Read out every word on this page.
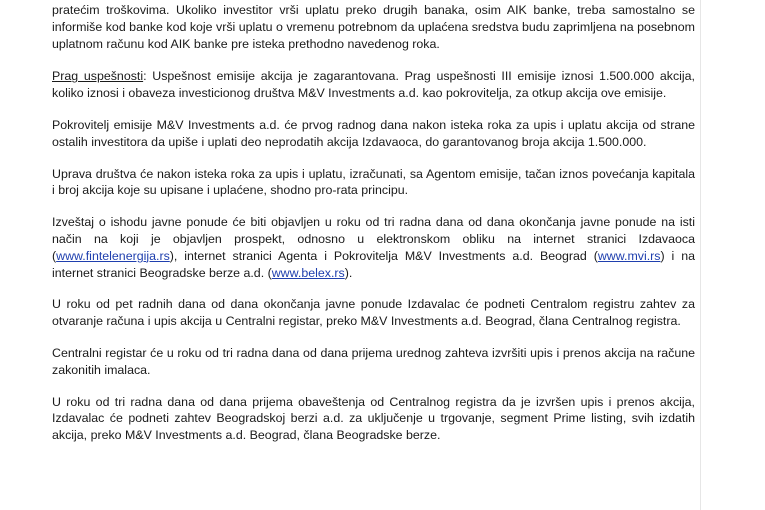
pratećim troškovima. Ukoliko investitor vrši uplatu preko drugih banaka, osim AIK banke, treba samostalno se informiše kod banke kod koje vrši uplatu o vremenu potrebnom da uplaćena sredstva budu zaprimljena na posebnom uplatnom računu kod AIK banke pre isteka prethodno navedenog roka.

Prag uspešnosti: Uspešnost emisije akcija je zagarantovana. Prag uspešnosti III emisije iznosi 1.500.000 akcija, koliko iznosi i obaveza investicionog društva M&V Investments a.d. kao pokrovitelja, za otkup akcija ove emisije.

Pokrovitelj emisije M&V Investments a.d. će prvog radnog dana nakon isteka roka za upis i uplatu akcija od strane ostalih investitora da upiše i uplati deo neprodatih akcija Izdavaoca, do garantovanog broja akcija 1.500.000.

Uprava društva će nakon isteka roka za upis i uplatu, izračunati, sa Agentom emisije, tačan iznos povećanja kapitala i broj akcija koje su upisane i uplaćene, shodno pro-rata principu.

Izveštaj o ishodu javne ponude će biti objavljen u roku od tri radna dana od dana okončanja javne ponude na isti način na koji je objavljen prospekt, odnosno u elektronskom obliku na internet stranici Izdavaoca (www.fintelenergija.rs), internet stranici Agenta i Pokrovitelja M&V Investments a.d. Beograd (www.mvi.rs) i na internet stranici Beogradske berze a.d. (www.belex.rs).

U roku od pet radnih dana od dana okončanja javne ponude Izdavalac će podneti Centralom registru zahtev za otvaranje računa i upis akcija u Centralni registar, preko M&V Investments a.d. Beograd, člana Centralnog registra.

Centralni registar će u roku od tri radna dana od dana prijema urednog zahteva izvršiti upis i prenos akcija na račune zakonitih imalaca.

U roku od tri radna dana od dana prijema obaveštenja od Centralnog registra da je izvršen upis i prenos akcija, Izdavalac će podneti zahtev Beogradskoj berzi a.d. za uključenje u trgovanje, segment Prime listing, svih izdatih akcija, preko M&V Investments a.d. Beograd, člana Beogradske berze.
